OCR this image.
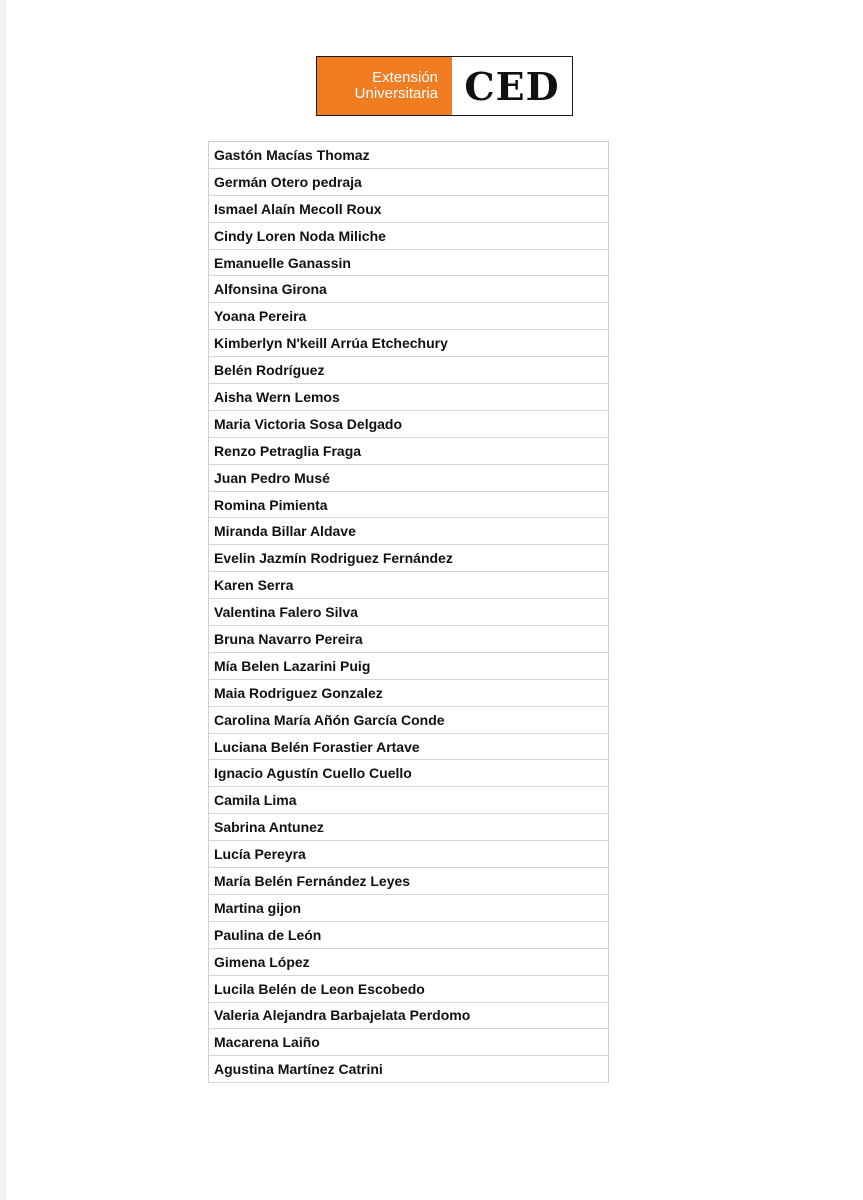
Extensión
Universitaria CED
Gastón Macías Thomaz
Germán Otero pedraja
Ismael Alaín Mecoll Roux
Cindy Loren Noda Miliche
Emanuelle Ganassin
Alfonsina Girona
Yoana Pereira
Kimberlyn N'keill Arrúa Etchechury
Belén Rodríguez
Aisha Wern Lemos
Maria Victoria Sosa Delgado
Renzo Petraglia Fraga
Juan Pedro Musé
Romina Pimienta
Miranda Billar Aldave
Evelin Jazmín Rodriguez Fernández
Karen Serra
Valentina Falero Silva
Bruna Navarro Pereira
Mía Belen Lazarini Puig
Maia Rodriguez Gonzalez
Carolina María Añón García Conde
Luciana Belén Forastier Artave
Ignacio Agustín Cuello Cuello
Camila Lima
Sabrina Antunez
Lucía Pereyra
María Belén Fernández Leyes
Martina gijon
Paulina de León
Gimena López
Lucila Belén de Leon Escobedo
Valeria Alejandra Barbajelata Perdomo
Macarena Laiño
Agustina Martínez Catrini
